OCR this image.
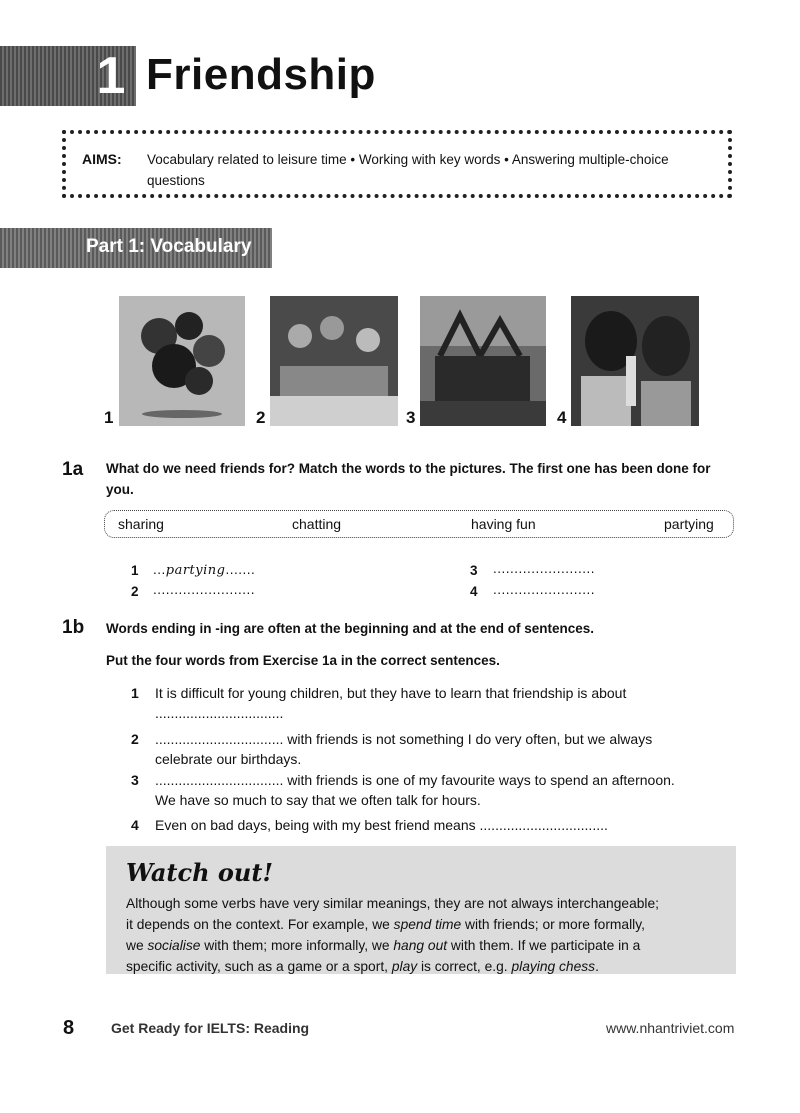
1 Friendship
AIMS: Vocabulary related to leisure time • Working with key words • Answering multiple-choice questions
Part 1: Vocabulary
1	2	3	4
1a What do we need friends for? Match the words to the pictures. The first one has been done for you.
sharing	chatting	having fun	partying
1 ...partying.......
2 ........................
3 ........................
4 ........................
1b Words ending in -ing are often at the beginning and at the end of sentences.
Put the four words from Exercise 1a in the correct sentences.
1 It is difficult for young children, but they have to learn that friendship is about
.................................
2 ................................. with friends is not something I do very often, but we always
celebrate our birthdays.
3 ................................. with friends is one of my favourite ways to spend an afternoon.
We have so much to say that we often talk for hours.
4 Even on bad days, being with my best friend means .................................
Watch out!
Although some verbs have very similar meanings, they are not always interchangeable;
it depends on the context. For example, we spend time with friends; or more formally,
we socialise with them; more informally, we hang out with them. If we participate in a
specific activity, such as a game or a sport, play is correct, e.g. playing chess.
8	Get Ready for IELTS: Reading	www.nhantriviet.com
